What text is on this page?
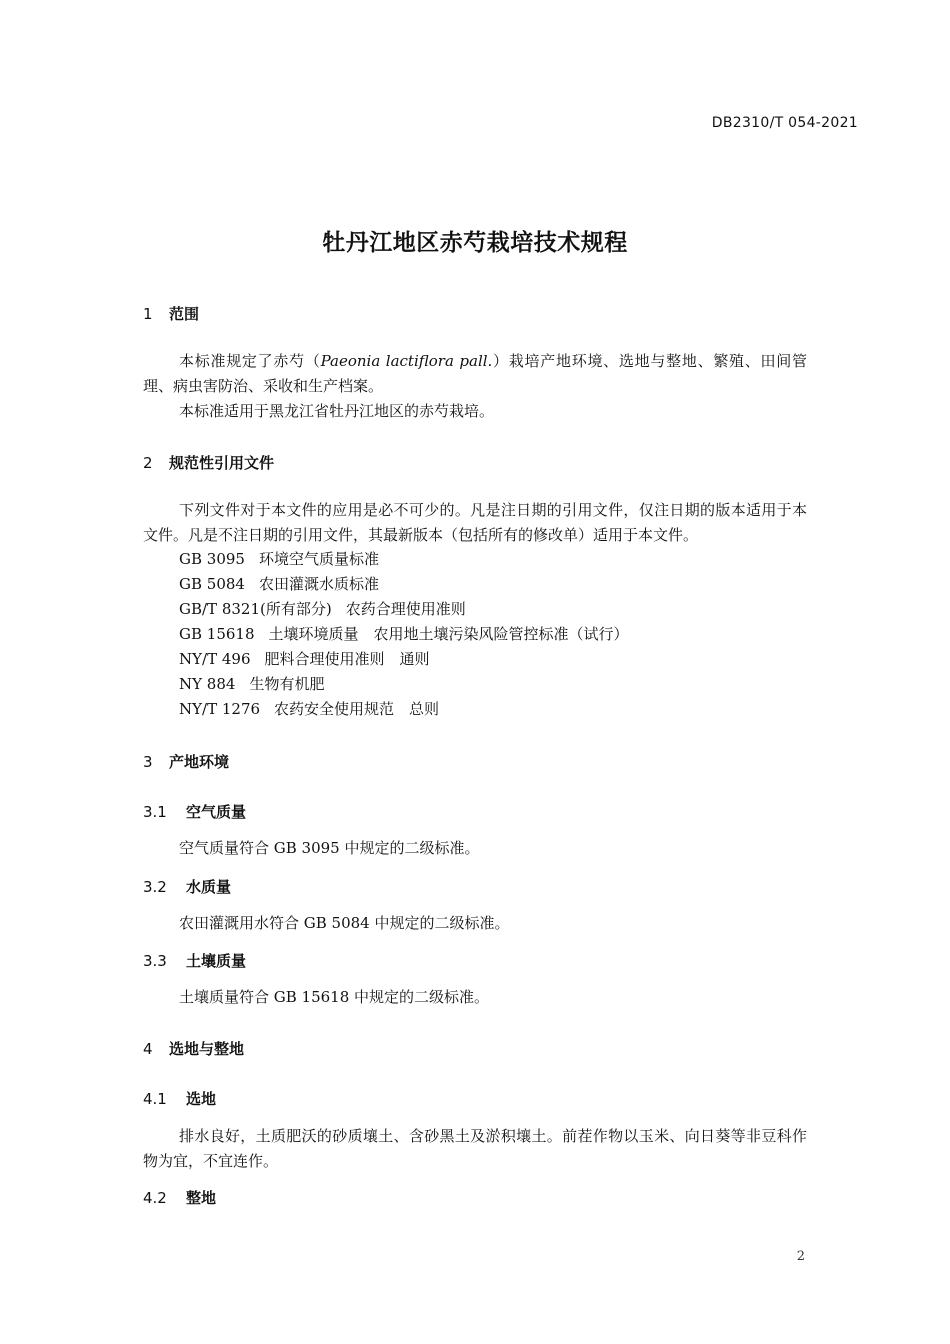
DB2310/T 054-2021
牡丹江地区赤芍栽培技术规程
1 范围
本标准规定了赤芍（Paeonia lactiflora pall.）栽培产地环境、选地与整地、繁殖、田间管理、病虫害防治、采收和生产档案。
本标准适用于黑龙江省牡丹江地区的赤芍栽培。
2 规范性引用文件
下列文件对于本文件的应用是必不可少的。凡是注日期的引用文件，仅注日期的版本适用于本文件。凡是不注日期的引用文件，其最新版本（包括所有的修改单）适用于本文件。
GB 3095 环境空气质量标准
GB 5084 农田灌溉水质标准
GB/T 8321(所有部分) 农药合理使用准则
GB 15618 土壤环境质量　农用地土壤污染风险管控标准（试行）
NY/T 496 肥料合理使用准则　通则
NY 884 生物有机肥
NY/T 1276 农药安全使用规范　总则
3 产地环境
3.1 空气质量
空气质量符合 GB 3095 中规定的二级标准。
3.2 水质量
农田灌溉用水符合 GB 5084 中规定的二级标准。
3.3 土壤质量
土壤质量符合 GB 15618 中规定的二级标准。
4 选地与整地
4.1 选地
排水良好，土质肥沃的砂质壤土、含砂黑土及淤积壤土。前茬作物以玉米、向日葵等非豆科作物为宜，不宜连作。
4.2 整地
2
